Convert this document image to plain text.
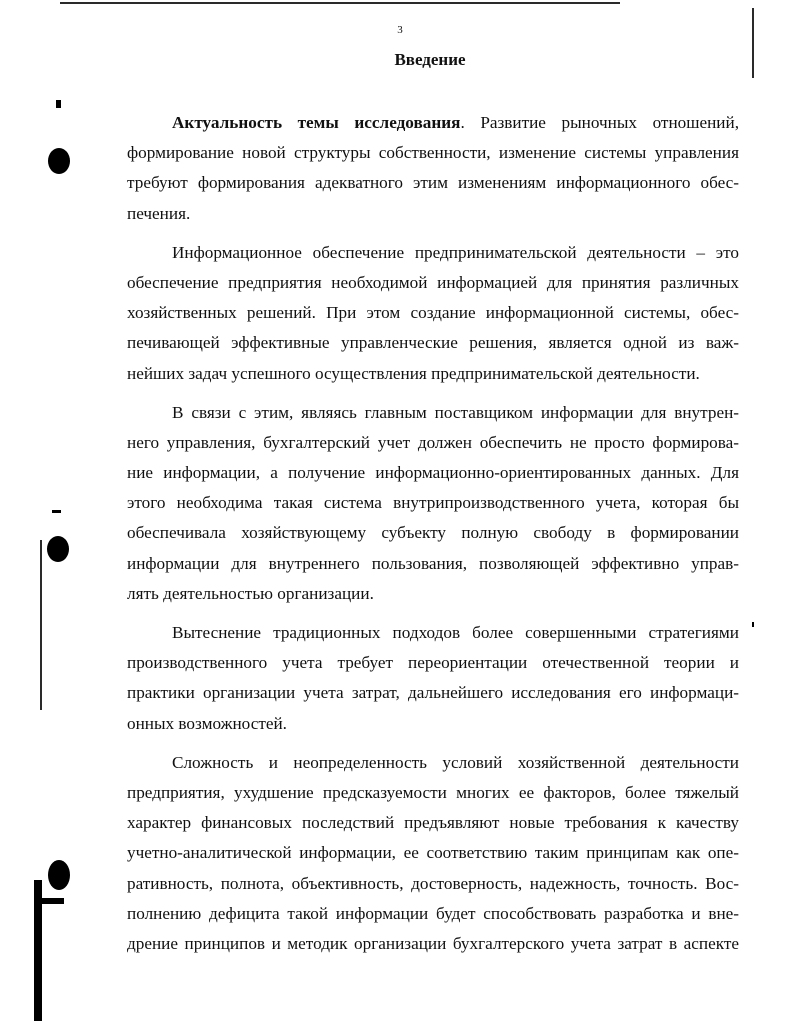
3
Введение
Актуальность темы исследования. Развитие рыночных отношений,
формирование новой структуры собственности, изменение системы управления
требуют формирования адекватного этим изменениям информационного обес-
печения.
Информационное обеспечение предпринимательской деятельности – это
обеспечение предприятия необходимой информацией для принятия различных
хозяйственных решений. При этом создание информационной системы, обес-
печивающей эффективные управленческие решения, является одной из важ-
нейших задач успешного осуществления предпринимательской деятельности.
В связи с этим, являясь главным поставщиком информации для внутрен-
него управления, бухгалтерский учет должен обеспечить не просто формирова-
ние информации, а получение информационно-ориентированных данных. Для
этого необходима такая система внутрипроизводственного учета, которая бы
обеспечивала хозяйствующему субъекту полную свободу в формировании
информации для внутреннего пользования, позволяющей эффективно управ-
лять деятельностью организации.
Вытеснение традиционных подходов более совершенными стратегиями
производственного учета требует переориентации отечественной теории и
практики организации учета затрат, дальнейшего исследования его информаци-
онных возможностей.
Сложность и неопределенность условий хозяйственной деятельности
предприятия, ухудшение предсказуемости многих ее факторов, более тяжелый
характер финансовых последствий предъявляют новые требования к качеству
учетно-аналитической информации, ее соответствию таким принципам как опе-
ративность, полнота, объективность, достоверность, надежность, точность. Вос-
полнению дефицита такой информации будет способствовать разработка и вне-
дрение принципов и методик организации бухгалтерского учета затрат в аспекте
